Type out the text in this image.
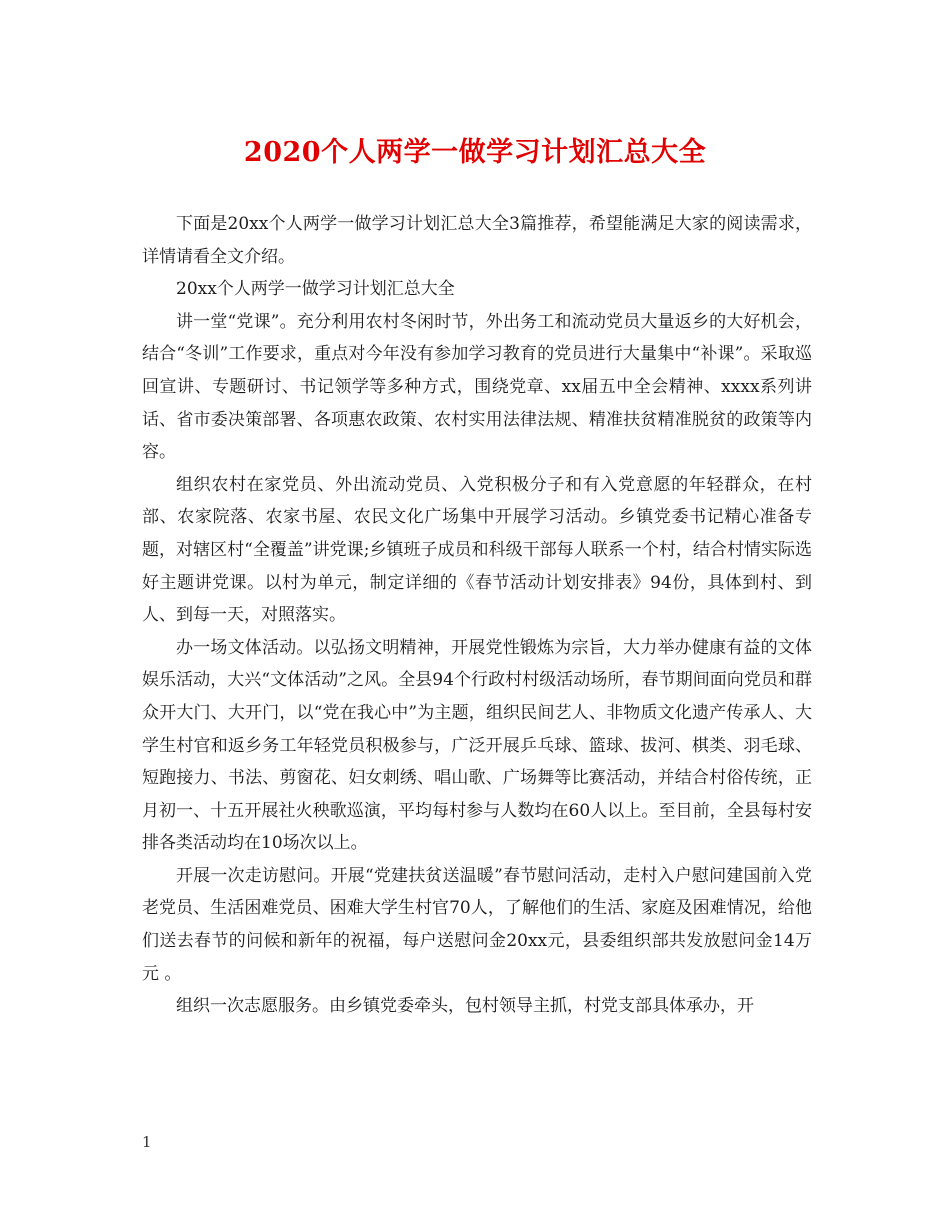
2020个人两学一做学习计划汇总大全

下面是20xx个人两学一做学习计划汇总大全3篇推荐，希望能满足大家的阅读需求，详情请看全文介绍。

20xx个人两学一做学习计划汇总大全

讲一堂“党课”。充分利用农村冬闲时节，外出务工和流动党员大量返乡的大好机会，结合“冬训”工作要求，重点对今年没有参加学习教育的党员进行大量集中“补课”。采取巡回宣讲、专题研讨、书记领学等多种方式，围绕党章、xx届五中全会精神、xxxx系列讲话、省市委决策部署、各项惠农政策、农村实用法律法规、精准扶贫精准脱贫的政策等内容。

组织农村在家党员、外出流动党员、入党积极分子和有入党意愿的年轻群众，在村部、农家院落、农家书屋、农民文化广场集中开展学习活动。乡镇党委书记精心准备专题，对辖区村“全覆盖”讲党课;乡镇班子成员和科级干部每人联系一个村，结合村情实际选好主题讲党课。以村为单元，制定详细的《春节活动计划安排表》94份，具体到村、到人、到每一天，对照落实。

办一场文体活动。以弘扬文明精神，开展党性锻炼为宗旨，大力举办健康有益的文体娱乐活动，大兴“文体活动”之风。全县94个行政村村级活动场所，春节期间面向党员和群众开大门、大开门，以“党在我心中”为主题，组织民间艺人、非物质文化遗产传承人、大学生村官和返乡务工年轻党员积极参与，广泛开展乒乓球、篮球、拔河、棋类、羽毛球、短跑接力、书法、剪窗花、妇女刺绣、唱山歌、广场舞等比赛活动，并结合村俗传统，正月初一、十五开展社火秧歌巡演，平均每村参与人数均在60人以上。至目前，全县每村安排各类活动均在10场次以上。

开展一次走访慰问。开展“党建扶贫送温暖”春节慰问活动，走村入户慰问建国前入党老党员、生活困难党员、困难大学生村官70人，了解他们的生活、家庭及困难情况，给他们送去春节的问候和新年的祝福，每户送慰问金20xx元，县委组织部共发放慰问金14万元 。

组织一次志愿服务。由乡镇党委牵头，包村领导主抓，村党支部具体承办，开

1
